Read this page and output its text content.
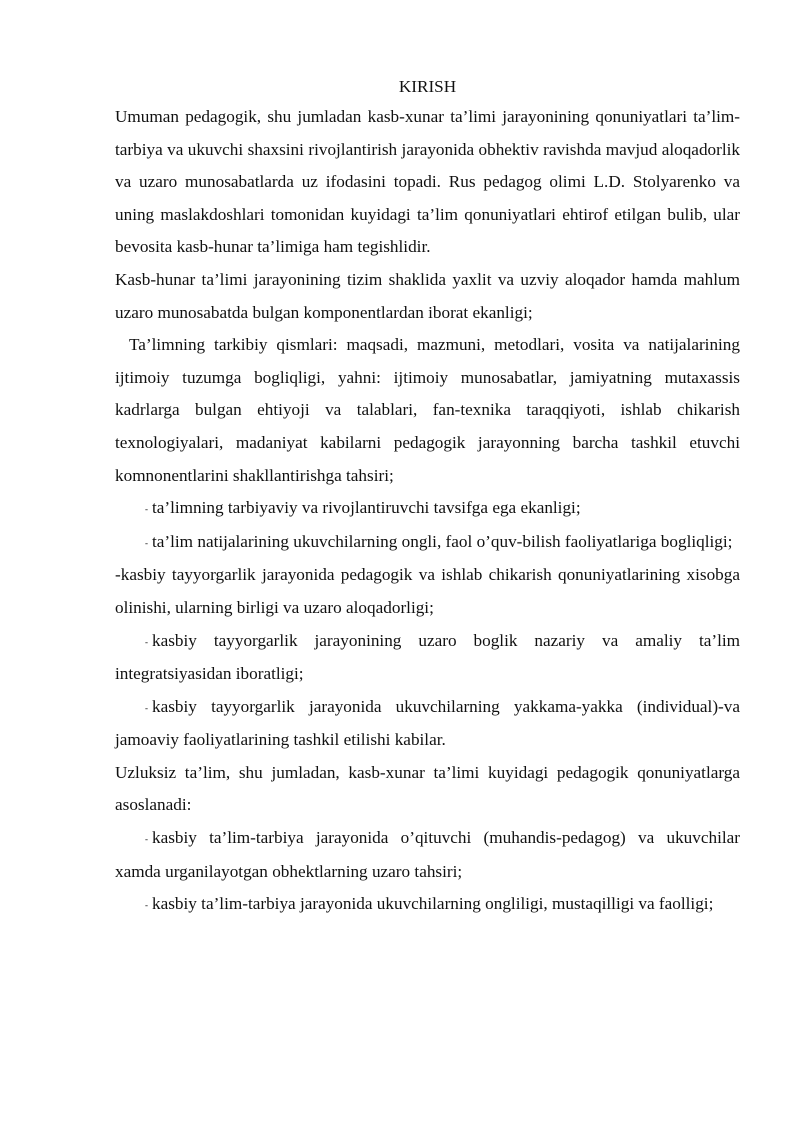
KIRISH

Umuman pedagogik, shu jumladan kasb-xunar ta’limi jarayonining qonuniyatlari ta’lim-tarbiya va ukuvchi shaxsini rivojlantirish jarayonida obhektiv ravishda mavjud aloqadorlik va uzaro munosabatlarda uz ifodasini topadi. Rus pedagog olimi L.D. Stolyarenko va uning maslakdoshlari tomonidan kuyidagi ta’lim qonuniyatlari ehtirof etilgan bulib, ular bevosita kasb-hunar ta’limiga ham tegishlidir.

Kasb-hunar ta’limi jarayonining tizim shaklida yaxlit va uzviy aloqador hamda mahlum uzaro munosabatda bulgan komponentlardan iborat ekanligi;

Ta’limning tarkibiy qismlari: maqsadi, mazmuni, metodlari, vosita va natijalarining ijtimoiy tuzumga bogliqligi, yahni: ijtimoiy munosabatlar, jamiyatning mutaxassis kadrlarga bulgan ehtiyoji va talablari, fan-texnika taraqqiyoti, ishlab chikarish texnologiyalari, madaniyat kabilarni pedagogik jarayonning barcha tashkil etuvchi komnonentlarini shakllantirishga tahsiri;

- ta’limning tarbiyaviy va rivojlantiruvchi tavsifga ega ekanligi;

- ta’lim natijalarining ukuvchilarning ongli, faol o’quv-bilish faoliyatlariga bogliqligi;

-kasbiy tayyorgarlik jarayonida pedagogik va ishlab chikarish qonuniyatlarining xisobga olinishi, ularning birligi va uzaro aloqadorligi;

- kasbiy tayyorgarlik jarayonining uzaro boglik nazariy va amaliy ta’lim integratsiyasidan iboratligi;

- kasbiy tayyorgarlik jarayonida ukuvchilarning yakkama-yakka (individual)-va jamoaviy faoliyatlarining tashkil etilishi kabilar.

Uzluksiz ta’lim, shu jumladan, kasb-xunar ta’limi kuyidagi pedagogik qonuniyatlarga asoslanadi:

- kasbiy ta’lim-tarbiya jarayonida o’qituvchi (muhandis-pedagog) va ukuvchilar xamda urganilayotgan obhektlarning uzaro tahsiri;

- kasbiy ta’lim-tarbiya jarayonida ukuvchilarning ongliligi, mustaqilligi va faolligi;
